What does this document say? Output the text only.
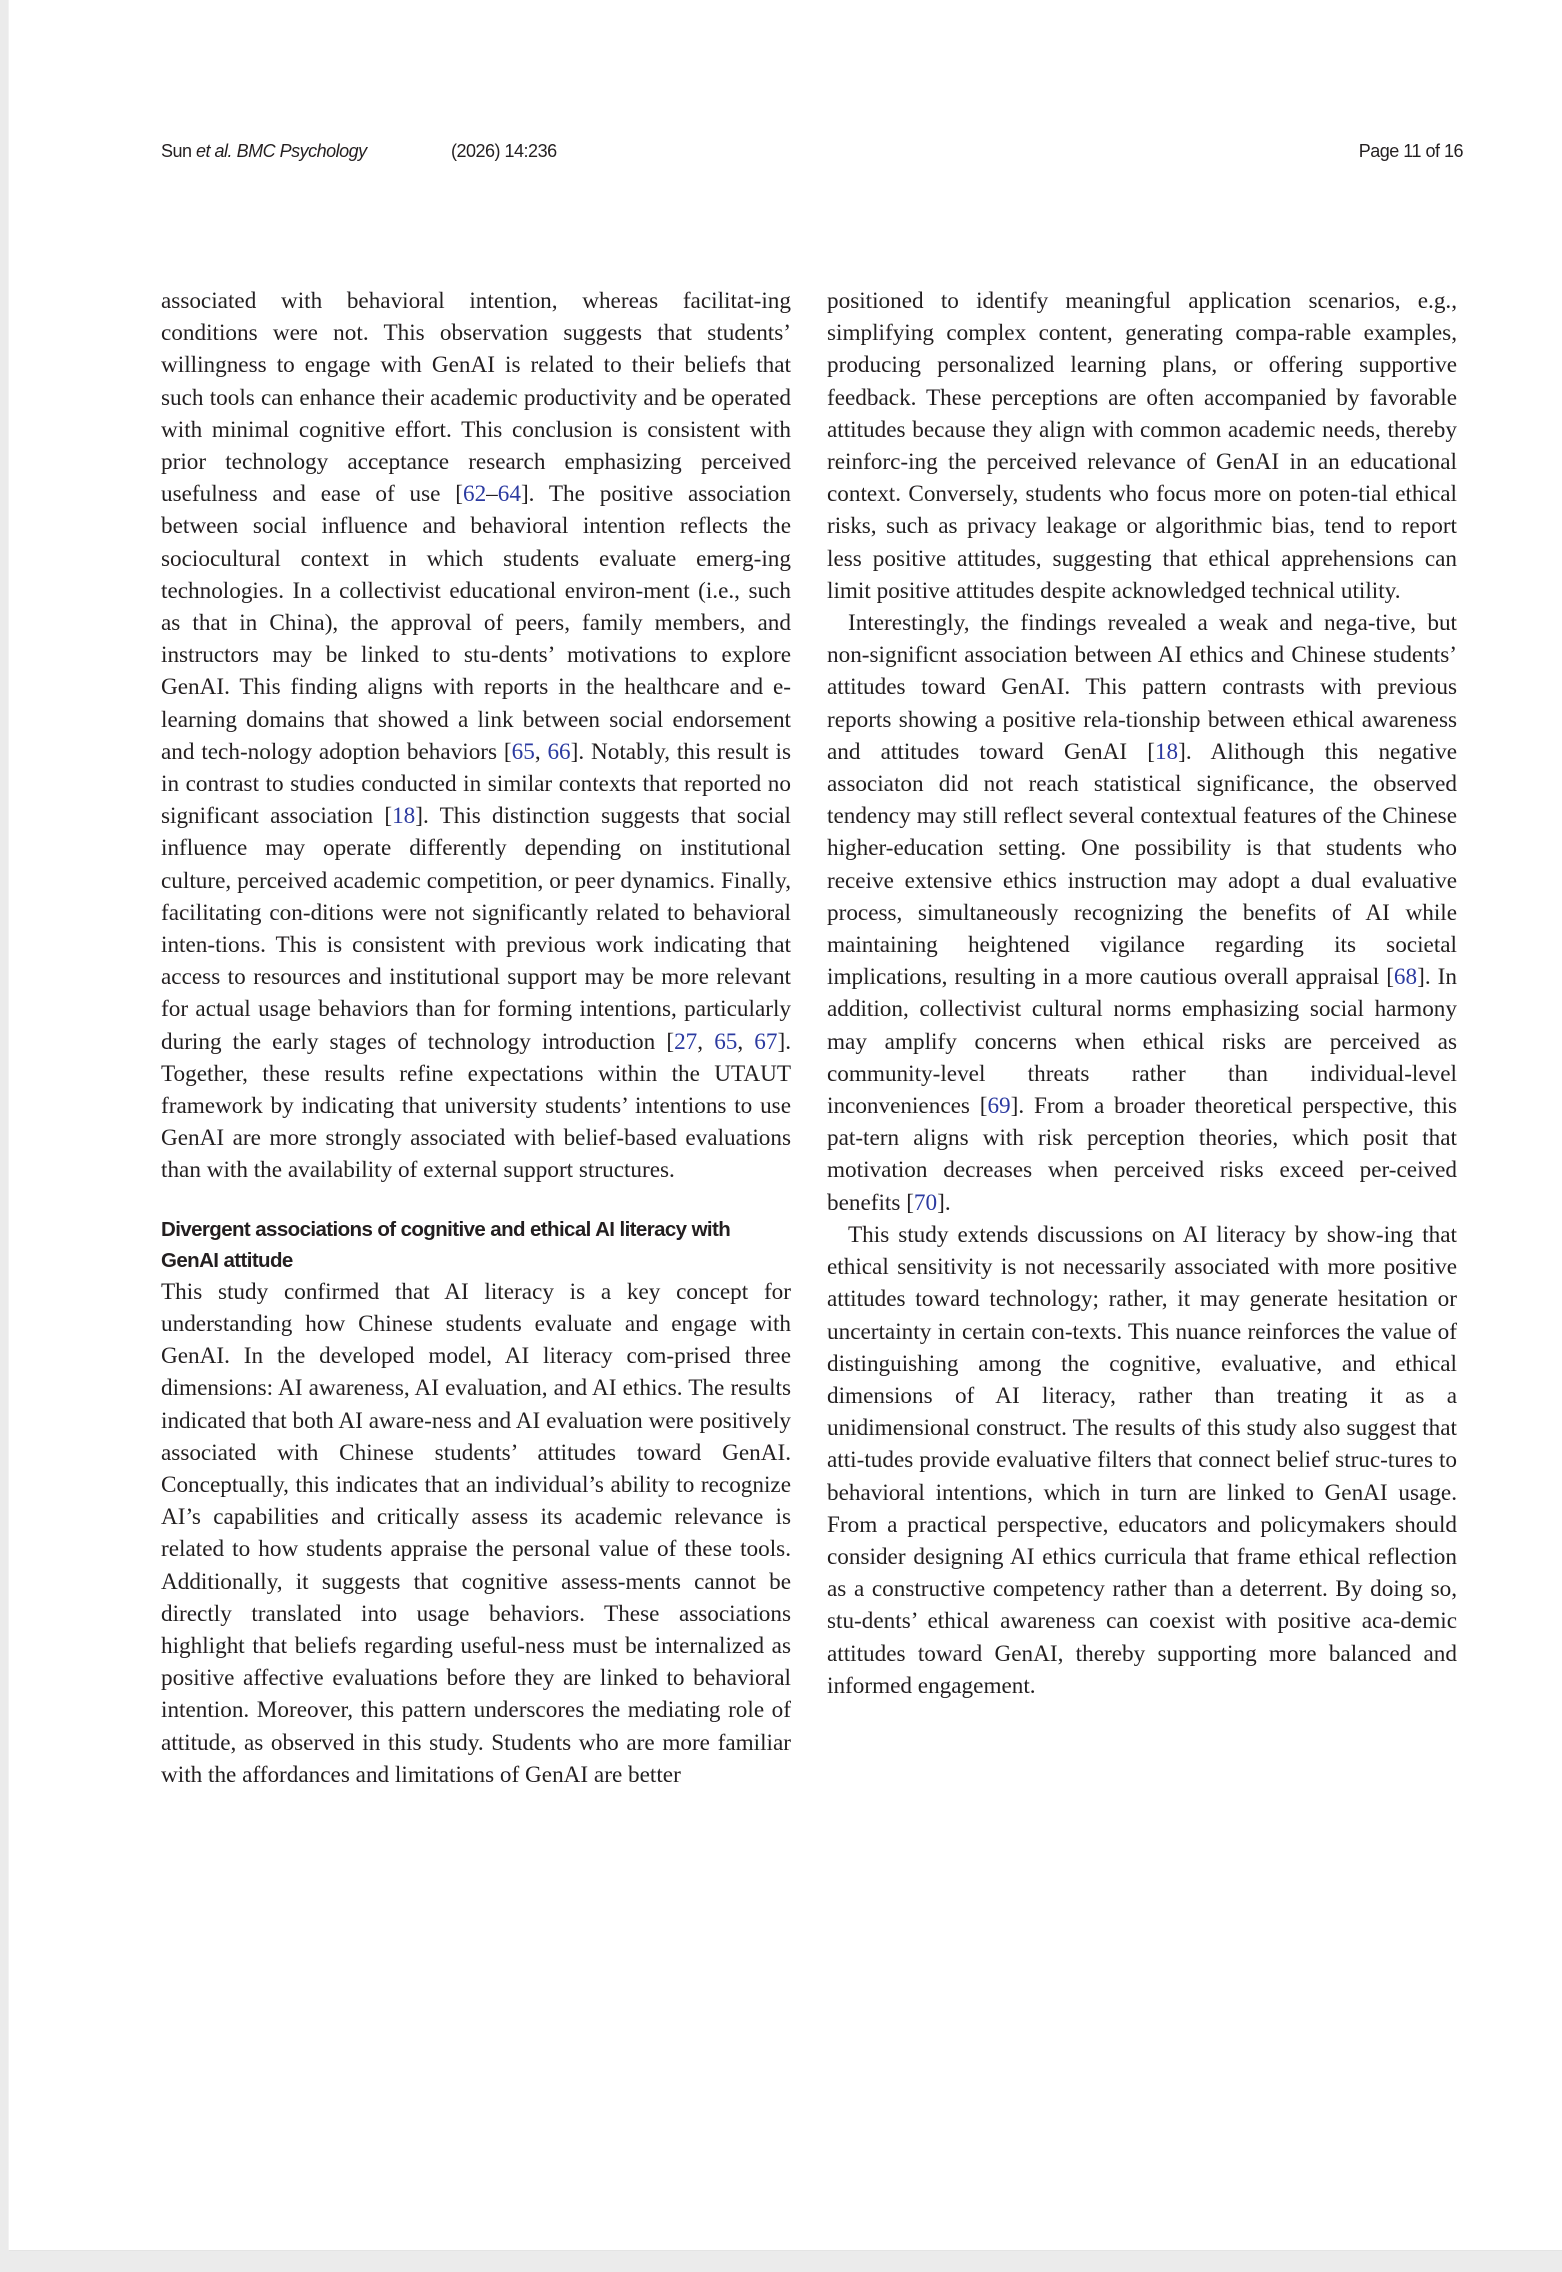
Sun et al. BMC Psychology	(2026) 14:236	Page 11 of 16

associated with behavioral intention, whereas facilitat-ing conditions were not. This observation suggests that students’ willingness to engage with GenAI is related to their beliefs that such tools can enhance their academic productivity and be operated with minimal cognitive effort. This conclusion is consistent with prior technology acceptance research emphasizing perceived usefulness and ease of use [62–64]. The positive association between social influence and behavioral intention reflects the sociocultural context in which students evaluate emerg-ing technologies. In a collectivist educational environ-ment (i.e., such as that in China), the approval of peers, family members, and instructors may be linked to stu-dents’ motivations to explore GenAI. This finding aligns with reports in the healthcare and e-learning domains that showed a link between social endorsement and tech-nology adoption behaviors [65, 66]. Notably, this result is in contrast to studies conducted in similar contexts that reported no significant association [18]. This distinction suggests that social influence may operate differently depending on institutional culture, perceived academic competition, or peer dynamics. Finally, facilitating con-ditions were not significantly related to behavioral inten-tions. This is consistent with previous work indicating that access to resources and institutional support may be more relevant for actual usage behaviors than for forming intentions, particularly during the early stages of technology introduction [27, 65, 67]. Together, these results refine expectations within the UTAUT framework by indicating that university students’ intentions to use GenAI are more strongly associated with belief-based evaluations than with the availability of external support structures.

Divergent associations of cognitive and ethical AI literacy with GenAI attitude

This study confirmed that AI literacy is a key concept for understanding how Chinese students evaluate and engage with GenAI. In the developed model, AI literacy com-prised three dimensions: AI awareness, AI evaluation, and AI ethics. The results indicated that both AI aware-ness and AI evaluation were positively associated with Chinese students’ attitudes toward GenAI. Conceptually, this indicates that an individual’s ability to recognize AI’s capabilities and critically assess its academic relevance is related to how students appraise the personal value of these tools. Additionally, it suggests that cognitive assess-ments cannot be directly translated into usage behaviors. These associations highlight that beliefs regarding useful-ness must be internalized as positive affective evaluations before they are linked to behavioral intention. Moreover, this pattern underscores the mediating role of attitude, as observed in this study. Students who are more familiar with the affordances and limitations of GenAI are better

positioned to identify meaningful application scenarios, e.g., simplifying complex content, generating compa-rable examples, producing personalized learning plans, or offering supportive feedback. These perceptions are often accompanied by favorable attitudes because they align with common academic needs, thereby reinforc-ing the perceived relevance of GenAI in an educational context. Conversely, students who focus more on poten-tial ethical risks, such as privacy leakage or algorithmic bias, tend to report less positive attitudes, suggesting that ethical apprehensions can limit positive attitudes despite acknowledged technical utility.

Interestingly, the findings revealed a weak and nega-tive, but non-significnt association between AI ethics and Chinese students’ attitudes toward GenAI. This pattern contrasts with previous reports showing a positive rela-tionship between ethical awareness and attitudes toward GenAI [18]. Alithough this negative associaton did not reach statistical significance, the observed tendency may still reflect several contextual features of the Chinese higher-education setting. One possibility is that students who receive extensive ethics instruction may adopt a dual evaluative process, simultaneously recognizing the benefits of AI while maintaining heightened vigilance regarding its societal implications, resulting in a more cautious overall appraisal [68]. In addition, collectivist cultural norms emphasizing social harmony may amplify concerns when ethical risks are perceived as community-level threats rather than individual-level inconveniences [69]. From a broader theoretical perspective, this pat-tern aligns with risk perception theories, which posit that motivation decreases when perceived risks exceed per-ceived benefits [70].

This study extends discussions on AI literacy by show-ing that ethical sensitivity is not necessarily associated with more positive attitudes toward technology; rather, it may generate hesitation or uncertainty in certain con-texts. This nuance reinforces the value of distinguishing among the cognitive, evaluative, and ethical dimensions of AI literacy, rather than treating it as a unidimensional construct. The results of this study also suggest that atti-tudes provide evaluative filters that connect belief struc-tures to behavioral intentions, which in turn are linked to GenAI usage. From a practical perspective, educators and policymakers should consider designing AI ethics curricula that frame ethical reflection as a constructive competency rather than a deterrent. By doing so, stu-dents’ ethical awareness can coexist with positive aca-demic attitudes toward GenAI, thereby supporting more balanced and informed engagement.
